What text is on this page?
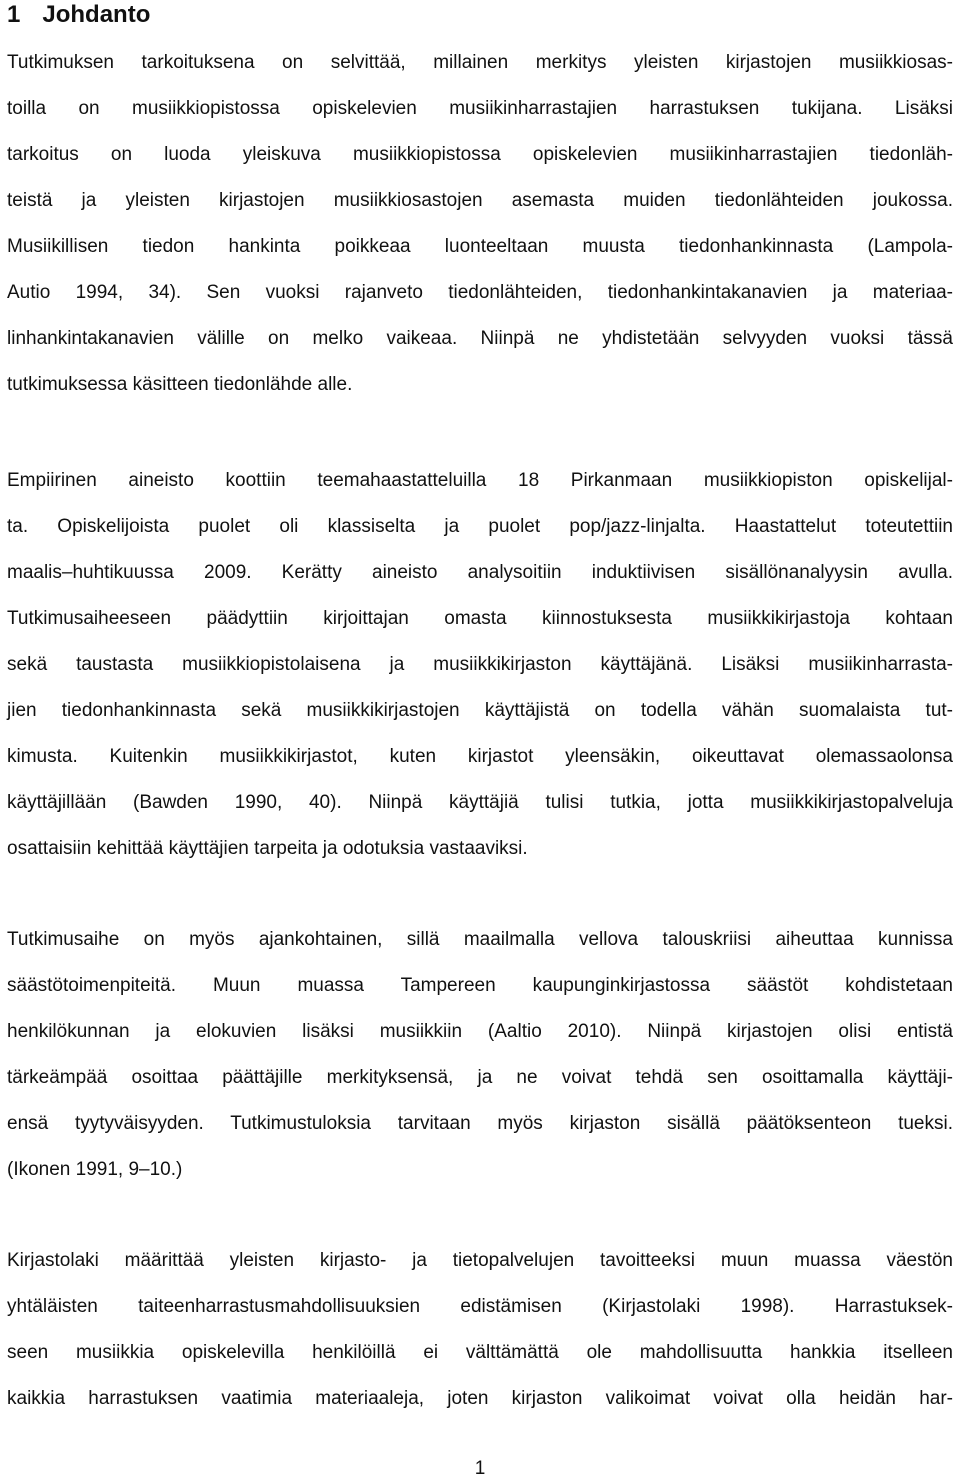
1 Johdanto
Tutkimuksen tarkoituksena on selvittää, millainen merkitys yleisten kirjastojen musiikkiosas-
toilla on musiikkiopistossa opiskelevien musiikinharrastajien harrastuksen tukijana. Lisäksi
tarkoitus on luoda yleiskuva musiikkiopistossa opiskelevien musiikinharrastajien tiedonläh-
teistä ja yleisten kirjastojen musiikkiosastojen asemasta muiden tiedonlähteiden joukossa.
Musiikillisen tiedon hankinta poikkeaa luonteeltaan muusta tiedonhankinnasta (Lampola-
Autio 1994, 34). Sen vuoksi rajanveto tiedonlähteiden, tiedonhankintakanavien ja materiaa-
linhankintakanavien välille on melko vaikeaa. Niinpä ne yhdistetään selvyyden vuoksi tässä
tutkimuksessa käsitteen tiedonlähde alle.
Empiirinen aineisto koottiin teemahaastatteluilla 18 Pirkanmaan musiikkiopiston opiskelijal-
ta. Opiskelijoista puolet oli klassiselta ja puolet pop/jazz-linjalta. Haastattelut toteutettiin
maalis–huhtikuussa 2009. Kerätty aineisto analysoitiin induktiivisen sisällönanalyysin avulla.
Tutkimusaiheeseen päädyttiin kirjoittajan omasta kiinnostuksesta musiikkikirjastoja kohtaan
sekä taustasta musiikkiopistolaisena ja musiikkikirjaston käyttäjänä. Lisäksi musiikinharrasta-
jien tiedonhankinnasta sekä musiikkikirjastojen käyttäjistä on todella vähän suomalaista tut-
kimusta. Kuitenkin musiikkikirjastot, kuten kirjastot yleensäkin, oikeuttavat olemassaolonsa
käyttäjillään (Bawden 1990, 40). Niinpä käyttäjiä tulisi tutkia, jotta musiikkikirjastopalveluja
osattaisiin kehittää käyttäjien tarpeita ja odotuksia vastaaviksi.
Tutkimusaihe on myös ajankohtainen, sillä maailmalla vellova talouskriisi aiheuttaa kunnissa
säästötoimenpiteitä. Muun muassa Tampereen kaupunginkirjastossa säästöt kohdistetaan
henkilökunnan ja elokuvien lisäksi musiikkiin (Aaltio 2010). Niinpä kirjastojen olisi entistä
tärkeämpää osoittaa päättäjille merkityksensä, ja ne voivat tehdä sen osoittamalla käyttäji-
ensä tyytyväisyyden. Tutkimustuloksia tarvitaan myös kirjaston sisällä päätöksenteon tueksi.
(Ikonen 1991, 9–10.)
Kirjastolaki määrittää yleisten kirjasto- ja tietopalvelujen tavoitteeksi muun muassa väestön
yhtäläisten taiteenharrastusmahdollisuuksien edistämisen (Kirjastolaki 1998). Harrastuksek-
seen musiikkia opiskelevilla henkilöillä ei välttämättä ole mahdollisuutta hankkia itselleen
kaikkia harrastuksen vaatimia materiaaleja, joten kirjaston valikoimat voivat olla heidän har-
1
